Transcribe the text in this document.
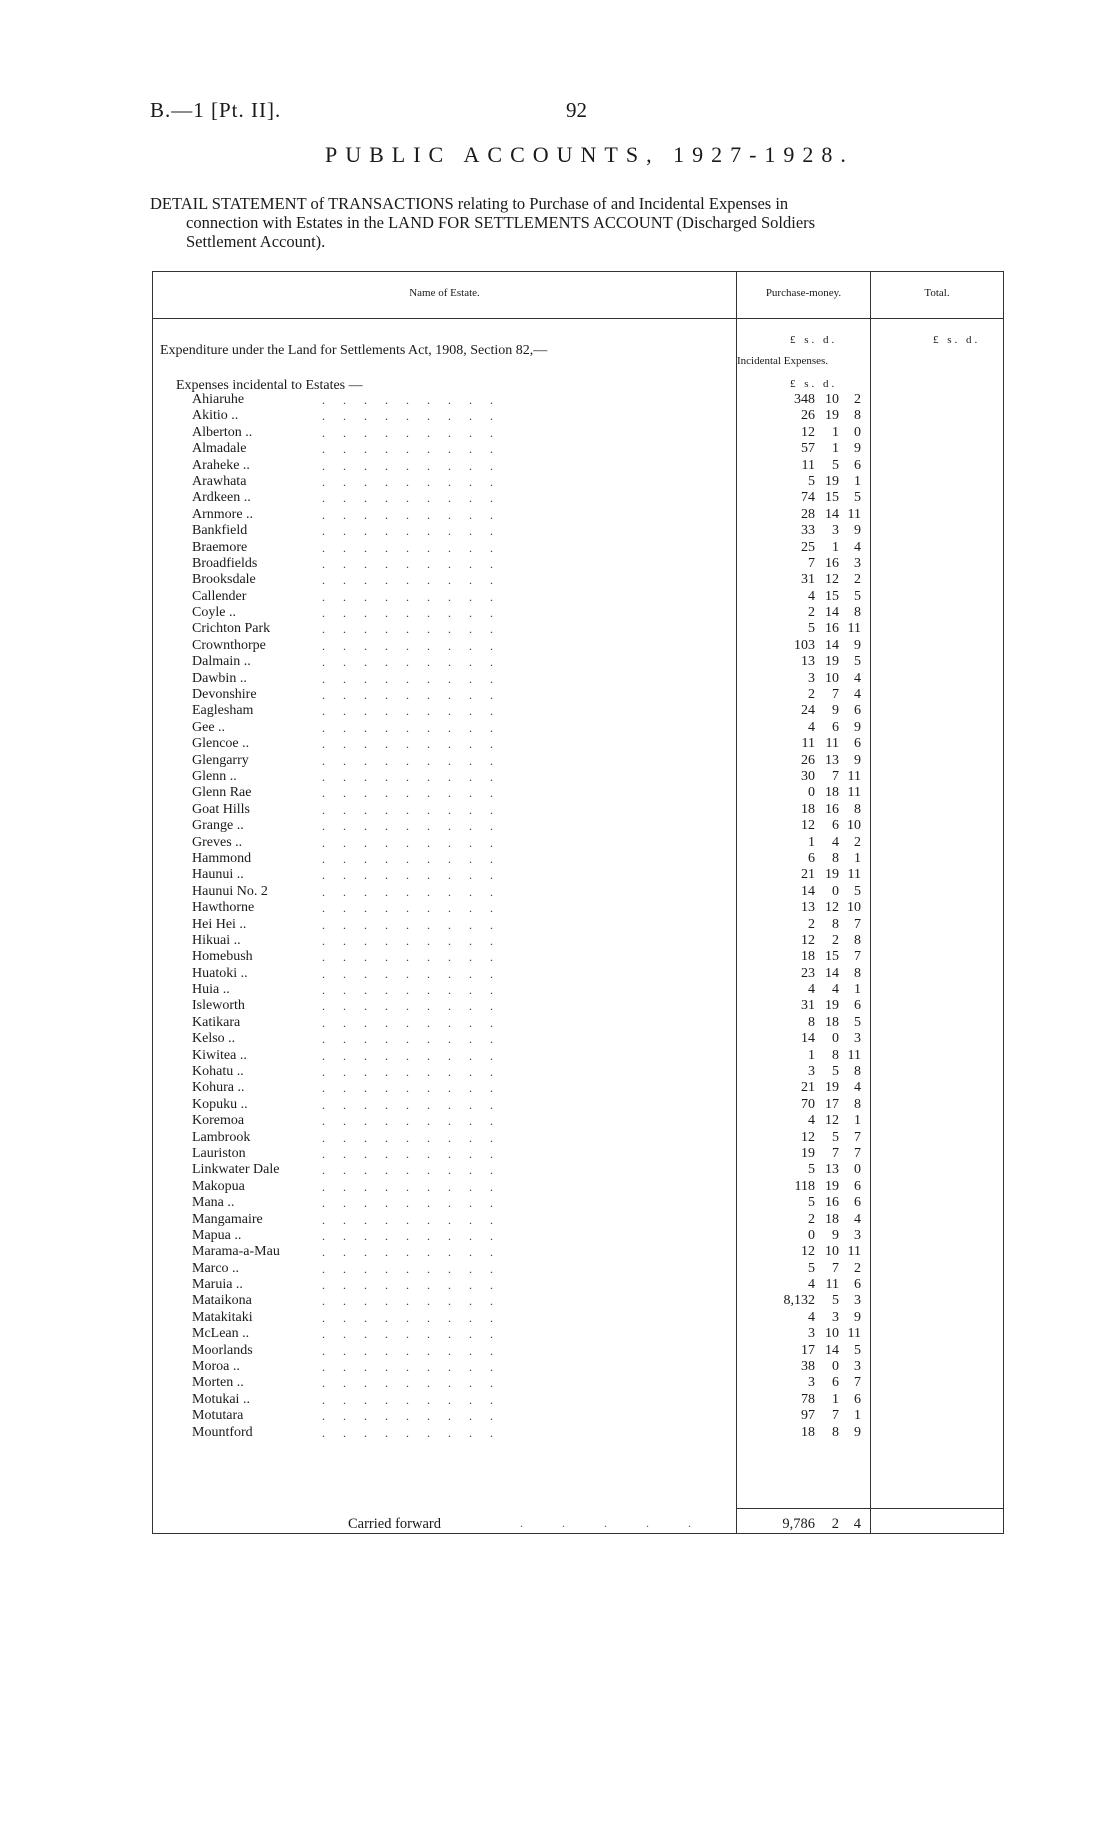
B.—1 [Pt. II].	92
PUBLIC ACCOUNTS, 1927-1928.
DETAIL STATEMENT of TRANSACTIONS relating to Purchase of and Incidental Expenses in
connection with Estates in the LAND FOR SETTLEMENTS ACCOUNT (Discharged Soldiers
Settlement Account).
Name of Estate.	Purchase-money.	Total.
£ s. d.	£ s. d.
Expenditure under the Land for Settlements Act, 1908, Section 82,—
Incidental Expenses.
£ s. d.
Expenses incidental to Estates —
Ahiaruhe	.........	348 10	2
Akitio ..	.........	26 19	8
Alberton ..	.........	12	1	0
Almadale	.........	57	1	9
Araheke ..	.........	11	5	6
Arawhata	.........	5 19	1
Ardkeen ..	.........	74 15	5
Arnmore ..	.........	28 14 11
Bankfield	.........	33	3	9
Braemore	.........	25	1	4
Broadfields	.........	7 16	3
Brooksdale	.........	31 12	2
Callender	.........	4 15	5
Coyle ..	.........	2 14	8
Crichton Park	.........	5 16 11
Crownthorpe	.........	103 14	9
Dalmain ..	.........	13 19	5
Dawbin ..	.........	3 10	4
Devonshire	.........	2	7	4
Eaglesham	.........	24	9	6
Gee ..	.........	4	6	9
Glencoe ..	.........	11 11	6
Glengarry	.........	26 13	9
Glenn ..	.........	30	7 11
Glenn Rae	.........	0 18 11
Goat Hills	.........	18 16	8
Grange ..	.........	12	6 10
Greves ..	.........	1	4	2
Hammond	.........	6	8	1
Haunui ..	.........	21 19 11
Haunui No. 2	.........	14	0	5
Hawthorne	.........	13 12 10
Hei Hei ..	.........	2	8	7
Hikuai ..	.........	12	2	8
Homebush	.........	18 15	7
Huatoki ..	.........	23 14	8
Huia ..	.........	4	4	1
Isleworth	.........	31 19	6
Katikara	.........	8 18	5
Kelso ..	.........	14	0	3
Kiwitea ..	.........	1	8 11
Kohatu ..	.........	3	5	8
Kohura ..	.........	21 19	4
Kopuku ..	.........	70 17	8
Koremoa	.........	4 12	1
Lambrook	.........	12	5	7
Lauriston	.........	19	7	7
Linkwater Dale	.........	5 13	0
Makopua	.........	118 19	6
Mana ..	.........	5 16	6
Mangamaire	.........	2 18	4
Mapua ..	.........	0	9	3
Marama-a-Mau	.........	12 10 11
Marco ..	.........	5	7	2
Maruia ..	.........	4 11	6
Mataikona	.........	8,132	5	3
Matakitaki	.........	4	3	9
McLean ..	.........	3 10 11
Moorlands	.........	17 14	5
Moroa ..	.........	38	0	3
Morten ..	.........	3	6	7
Motukai ..	.........	78	1	6
Motutara	.........	97	7	1
Mountford	.........	18	8	9
Carried forward	. . . . .	9,786	2	4
